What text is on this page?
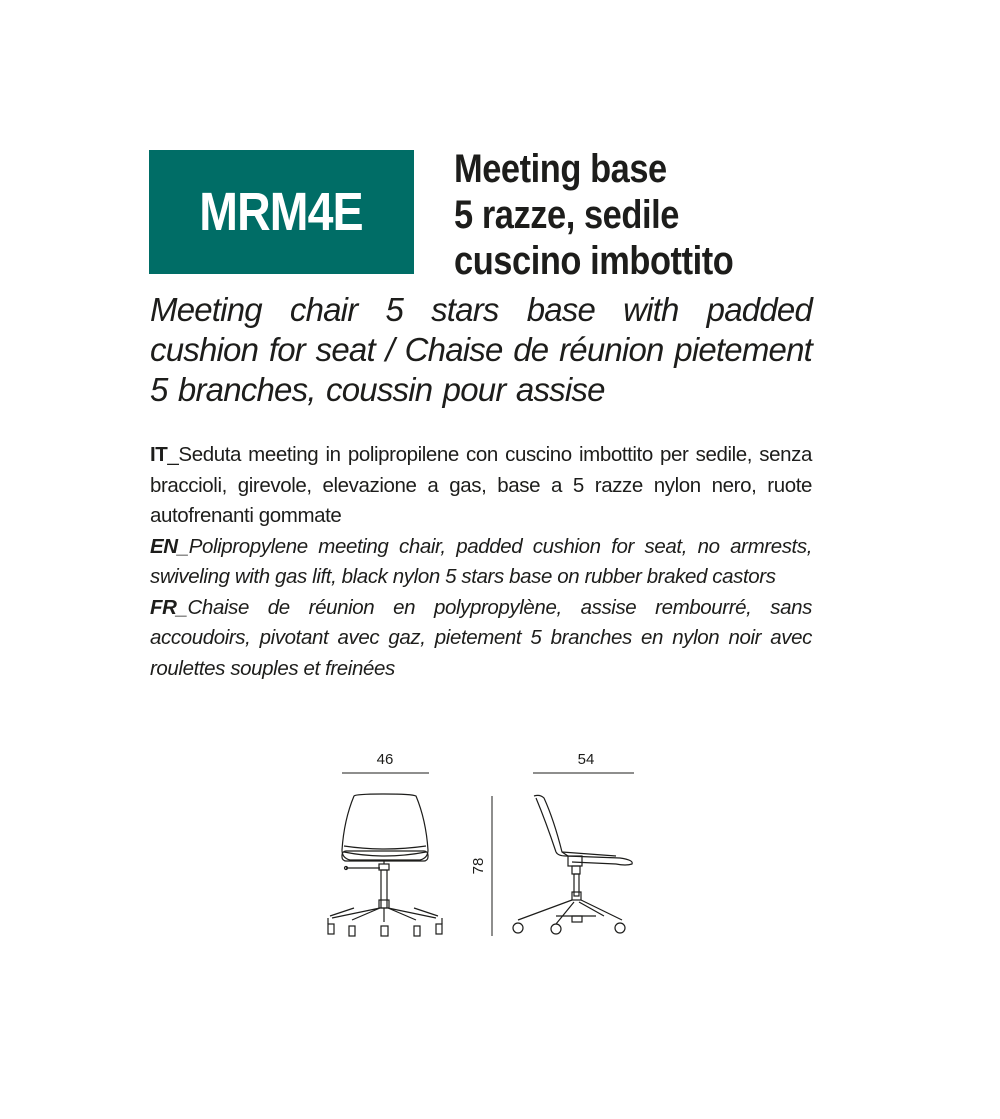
MRM4E
Meeting base
5 razze, sedile
cuscino imbottito
Meeting chair 5 stars base with padded cushion for seat / Chaise de réunion pietement 5 branches, coussin pour assise

IT_Seduta meeting in polipropilene con cuscino imbottito per sedile, senza braccioli, girevole, elevazione a gas, base a 5 razze nylon nero, ruote autofrenanti gommate

EN_Polipropylene meeting chair, padded cushion for seat, no armrests, swiveling with gas lift, black nylon 5 stars base on rubber braked castors

FR_Chaise de réunion en polypropylène, assise rembourré, sans accoudoirs, pivotant avec gaz, pietement 5 branches en nylon noir avec roulettes souples et freinées

46
78
54
